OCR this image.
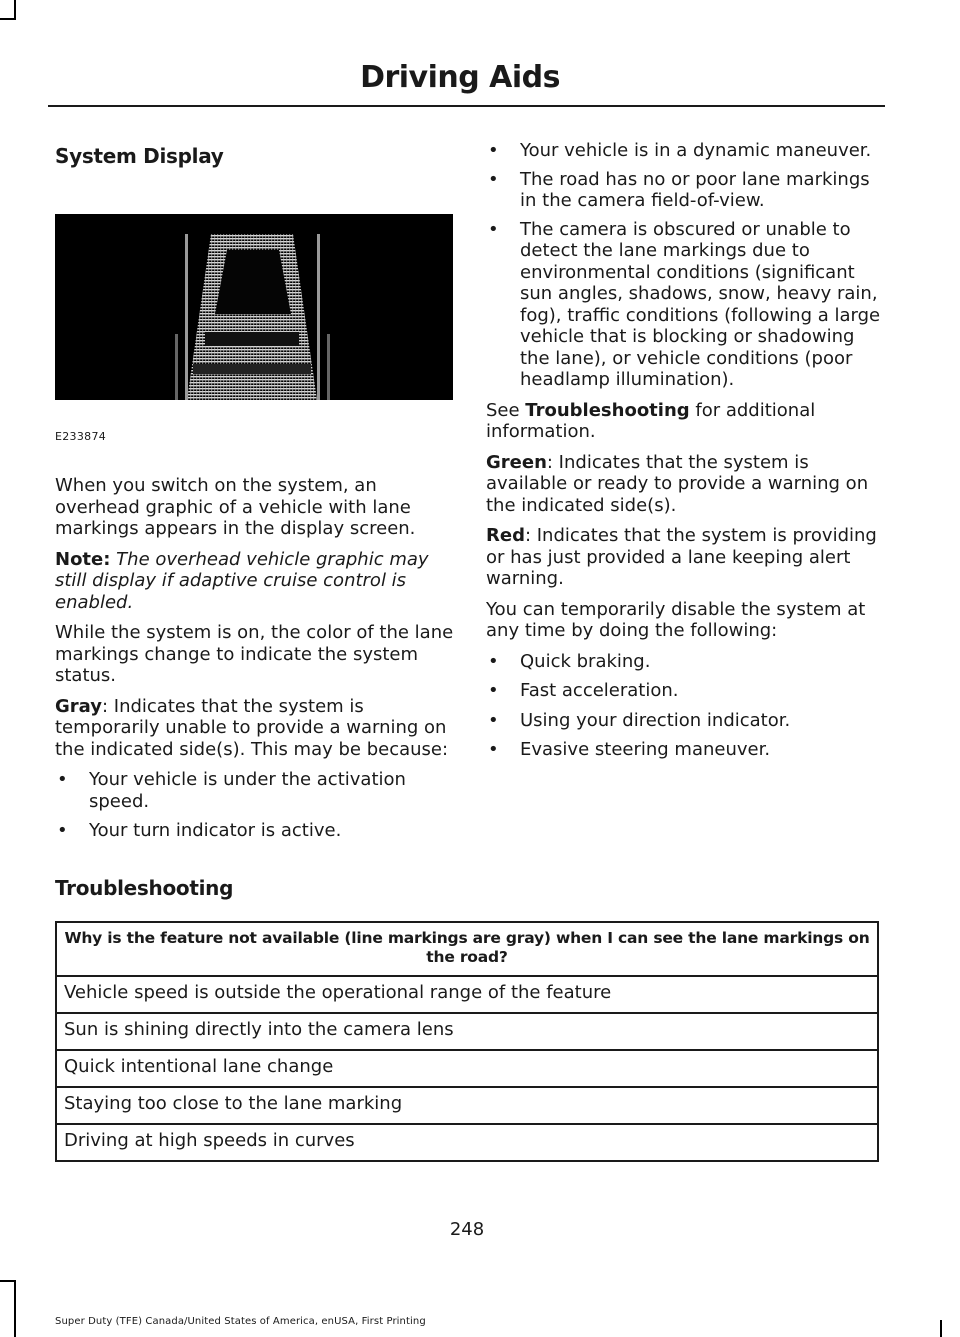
Driving Aids
System Display
E233874

When you switch on the system, an overhead graphic of a vehicle with lane markings appears in the display screen.

Note: The overhead vehicle graphic may still display if adaptive cruise control is enabled.

While the system is on, the color of the lane markings change to indicate the system status.

Gray: Indicates that the system is temporarily unable to provide a warning on the indicated side(s). This may be because:

• Your vehicle is under the activation speed.
• Your turn indicator is active.
• Your vehicle is in a dynamic maneuver.
• The road has no or poor lane markings in the camera field-of-view.
• The camera is obscured or unable to detect the lane markings due to environmental conditions (significant sun angles, shadows, snow, heavy rain, fog), traffic conditions (following a large vehicle that is blocking or shadowing the lane), or vehicle conditions (poor headlamp illumination).

See Troubleshooting for additional information.

Green: Indicates that the system is available or ready to provide a warning on the indicated side(s).

Red: Indicates that the system is providing or has just provided a lane keeping alert warning.

You can temporarily disable the system at any time by doing the following:

• Quick braking.
• Fast acceleration.
• Using your direction indicator.
• Evasive steering maneuver.
Troubleshooting
Why is the feature not available (line markings are gray) when I can see the lane markings on the road?
Vehicle speed is outside the operational range of the feature
Sun is shining directly into the camera lens
Quick intentional lane change
Staying too close to the lane marking
Driving at high speeds in curves
248
Super Duty (TFE) Canada/United States of America, enUSA, First Printing
